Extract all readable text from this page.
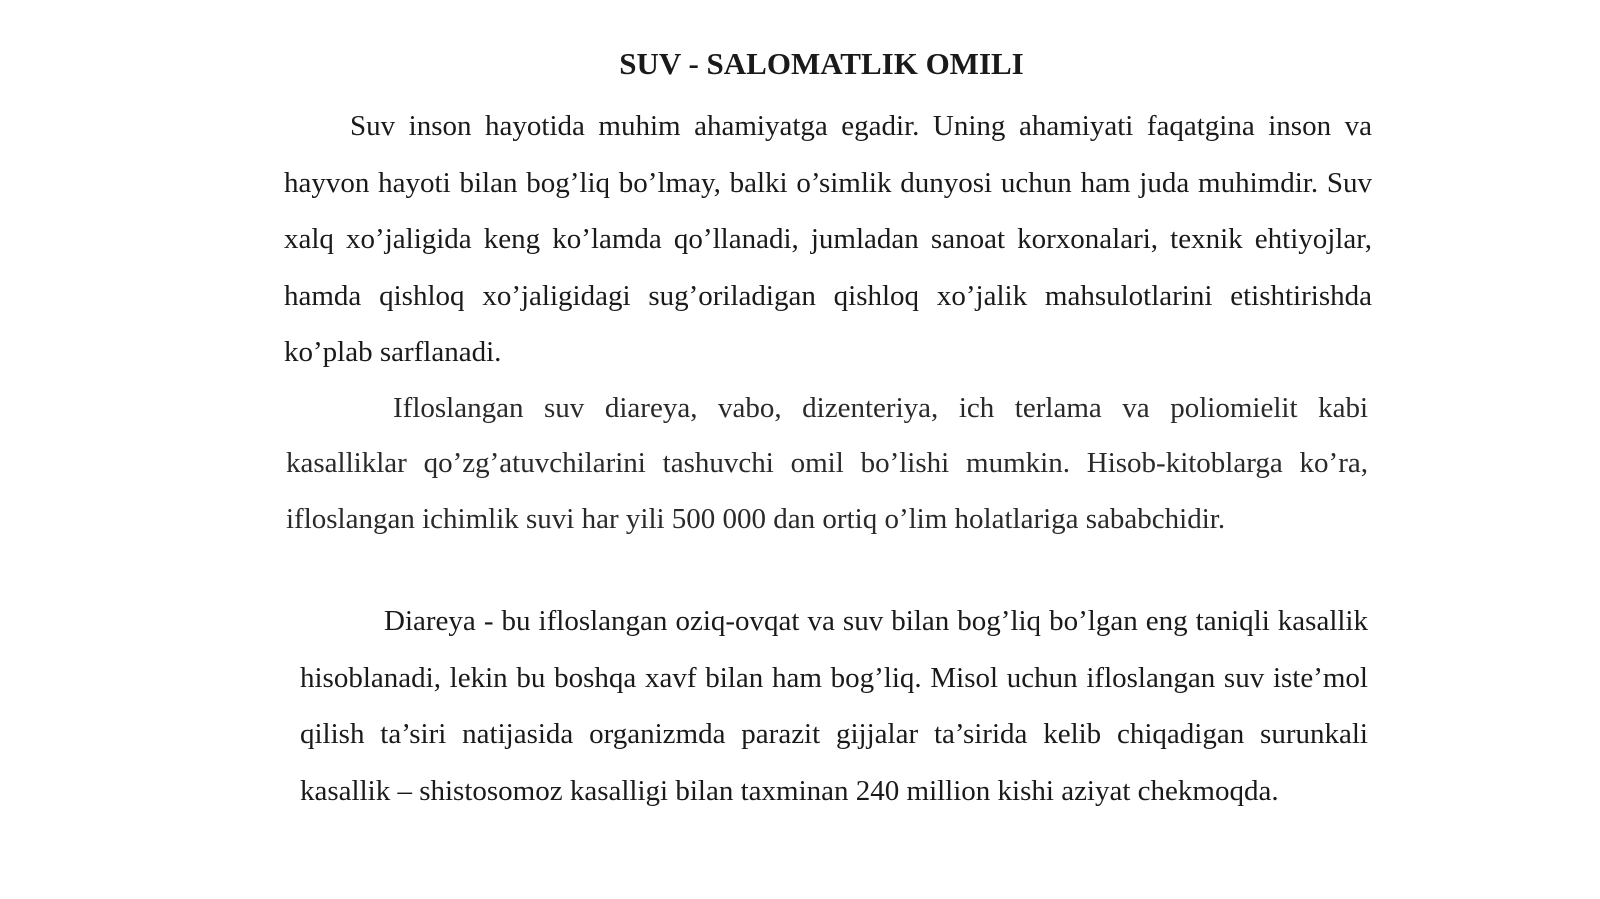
SUV - SALOMATLIK OMILI

Suv inson hayotida muhim ahamiyatga egadir. Uning ahamiyati faqatgina inson va hayvon hayoti bilan bog’liq bo’lmay, balki o’simlik dunyosi uchun ham juda muhimdir. Suv xalq xo’jaligida keng ko’lamda qo’llanadi, jumladan sanoat korxonalari, texnik ehtiyojlar, hamda qishloq xo’jaligidagi sug’oriladigan qishloq xo’jalik mahsulotlarini etishtirishda ko’plab sarflanadi.

Ifloslangan suv diareya, vabo, dizenteriya, ich terlama va poliomielit kabi kasalliklar qo’zg’atuvchilarini tashuvchi omil bo’lishi mumkin. Hisob-kitoblarga ko’ra, ifloslangan ichimlik suvi har yili 500 000 dan ortiq o’lim holatlariga sababchidir.

Diareya - bu ifloslangan oziq-ovqat va suv bilan bog’liq bo’lgan eng taniqli kasallik hisoblanadi, lekin bu boshqa xavf bilan ham bog’liq. Misol uchun ifloslangan suv iste’mol qilish ta’siri natijasida organizmda parazit gijjalar ta’sirida kelib chiqadigan surunkali kasallik – shistosomoz kasalligi bilan taxminan 240 million kishi aziyat chekmoqda.
